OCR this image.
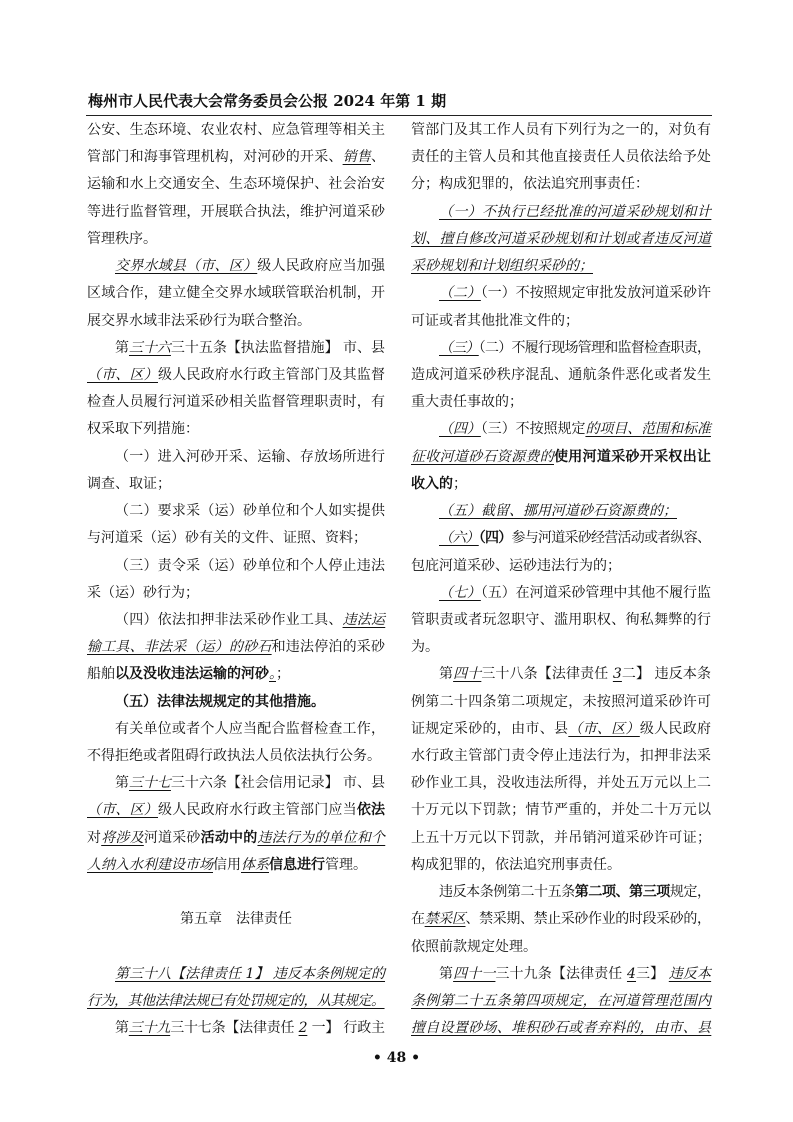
梅州市人民代表大会常务委员会公报 2024 年第 1 期
公安、生态环境、农业农村、应急管理等相关主
管部门和海事管理机构，对河砂的开采、销售、
运输和水上交通安全、生态环境保护、社会治安
等进行监督管理，开展联合执法，维护河道采砂
管理秩序。
交界水域县（市、区）级人民政府应当加强
区域合作，建立健全交界水域联管联治机制，开
展交界水域非法采砂行为联合整治。
第三十六三十五条【执法监督措施】 市、县
（市、区）级人民政府水行政主管部门及其监督
检查人员履行河道采砂相关监督管理职责时，有
权采取下列措施：
（一）进入河砂开采、运输、存放场所进行
调查、取证；
（二）要求采（运）砂单位和个人如实提供
与河道采（运）砂有关的文件、证照、资料；
（三）责令采（运）砂单位和个人停止违法
采（运）砂行为；
（四）依法扣押非法采砂作业工具、违法运
输工具、非法采（运）的砂石和违法停泊的采砂
船舶以及没收违法运输的河砂。；
（五）法律法规规定的其他措施。
有关单位或者个人应当配合监督检查工作，
不得拒绝或者阻碍行政执法人员依法执行公务。
第三十七三十六条【社会信用记录】 市、县
（市、区）级人民政府水行政主管部门应当依法
对将涉及河道采砂活动中的违法行为的单位和个
人纳入水利建设市场信用体系信息进行管理。
第五章　法律责任
第三十八【法律责任 1】 违反本条例规定的
行为，其他法律法规已有处罚规定的，从其规定。
第三十九三十七条【法律责任 2 一】 行政主
管部门及其工作人员有下列行为之一的，对负有
责任的主管人员和其他直接责任人员依法给予处
分；构成犯罪的，依法追究刑事责任：
（一）不执行已经批准的河道采砂规划和计
划、擅自修改河道采砂规划和计划或者违反河道
采砂规划和计划组织采砂的；
（二）（一）不按照规定审批发放河道采砂许
可证或者其他批准文件的；
（三）（二）不履行现场管理和监督检查职责，
造成河道采砂秩序混乱、通航条件恶化或者发生
重大责任事故的；
（四）（三）不按照规定的项目、范围和标准
征收河道砂石资源费的使用河道采砂开采权出让
收入的；
（五）截留、挪用河道砂石资源费的；
（六）（四）参与河道采砂经营活动或者纵容、
包庇河道采砂、运砂违法行为的；
（七）（五）在河道采砂管理中其他不履行监
管职责或者玩忽职守、滥用职权、徇私舞弊的行
为。
第四十三十八条【法律责任 3二】 违反本条
例第二十四条第二项规定，未按照河道采砂许可
证规定采砂的，由市、县（市、区）级人民政府
水行政主管部门责令停止违法行为，扣押非法采
砂作业工具，没收违法所得，并处五万元以上二
十万元以下罚款；情节严重的，并处二十万元以
上五十万元以下罚款，并吊销河道采砂许可证；
构成犯罪的，依法追究刑事责任。
违反本条例第二十五条第二项、第三项规定，
在禁采区、禁采期、禁止采砂作业的时段采砂的，
依照前款规定处理。
第四十一三十九条【法律责任 4三】 违反本
条例第二十五条第四项规定，在河道管理范围内
擅自设置砂场、堆积砂石或者弃料的，由市、县
• 48 •
